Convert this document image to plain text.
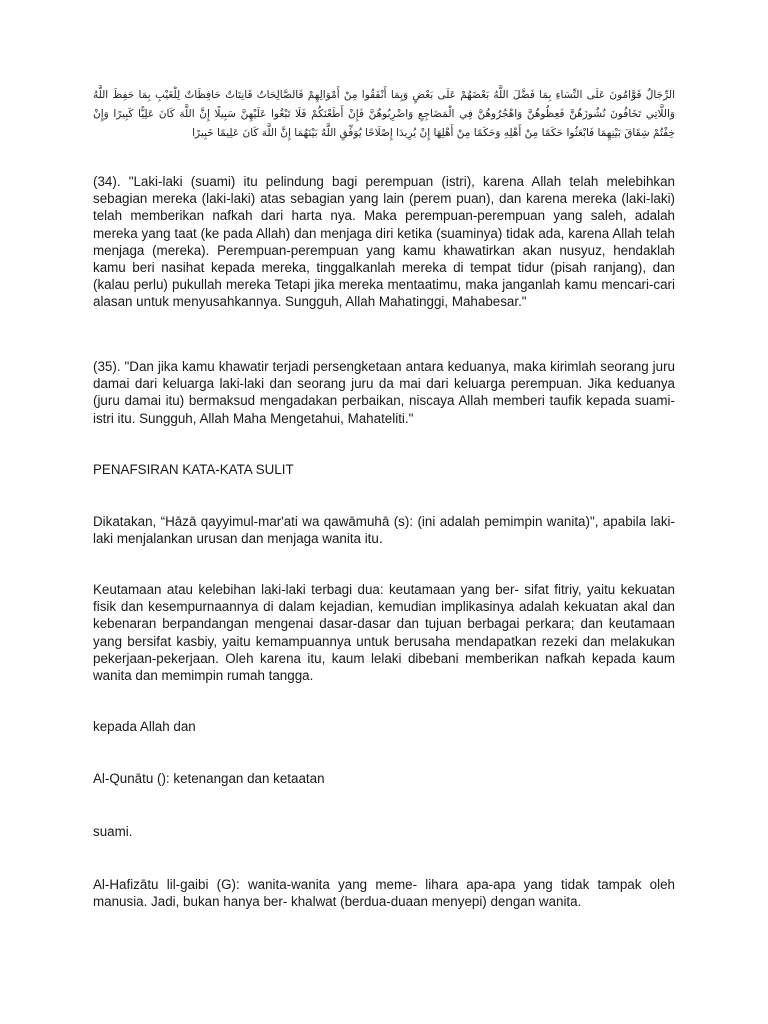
الرِّجَالُ قَوَّامُونَ عَلَى النِّسَاءِ بِمَا فَضَّلَ اللَّهُ بَعْضَهُمْ عَلَى بَعْضٍ وَبِمَا أَنْفَقُوا مِنْ أَمْوَالِهِمْ فَالصَّالِحَاتُ قَانِتَاتٌ حَافِظَاتٌ لِلْغَيْبِ بِمَا حَفِظَ اللَّهُ وَاللَّاتِي تَخَافُونَ نُشُوزَهُنَّ فَعِظُوهُنَّ وَاهْجُرُوهُنَّ فِي الْمَضَاجِعِ وَاضْرِبُوهُنَّ فَإِنْ أَطَعْنَكُمْ فَلَا تَبْغُوا عَلَيْهِنَّ سَبِيلًا إِنَّ اللَّهَ كَانَ عَلِيًّا كَبِيرًا وَإِنْ خِفْتُمْ شِقَاقَ بَيْنِهِمَا فَابْعَثُوا حَكَمًا مِنْ أَهْلِهِ وَحَكَمًا مِنْ أَهْلِهَا إِنْ يُرِيدَا إِصْلَاحًا يُوَفِّقِ اللَّهُ بَيْنَهُمَا إِنَّ اللَّهَ كَانَ عَلِيمًا خَبِيرًا

(34). "Laki-laki (suami) itu pelindung bagi perempuan (istri), karena Allah telah melebihkan sebagian mereka (laki-laki) atas sebagian yang lain (perem puan), dan karena mereka (laki-laki) telah memberikan nafkah dari harta nya. Maka perempuan-perempuan yang saleh, adalah mereka yang taat (ke pada Allah) dan menjaga diri ketika (suaminya) tidak ada, karena Allah telah menjaga (mereka). Perempuan-perempuan yang kamu khawatirkan akan nusyuz, hendaklah kamu beri nasihat kepada mereka, tinggalkanlah mereka di tempat tidur (pisah ranjang), dan (kalau perlu) pukullah mereka Tetapi jika mereka mentaatimu, maka janganlah kamu mencari-cari alasan untuk menyusahkannya. Sungguh, Allah Mahatinggi, Mahabesar."

(35). "Dan jika kamu khawatir terjadi persengketaan antara keduanya, maka kirimlah seorang juru damai dari keluarga laki-laki dan seorang juru da mai dari keluarga perempuan. Jika keduanya (juru damai itu) bermaksud mengadakan perbaikan, niscaya Allah memberi taufik kepada suami-istri itu. Sungguh, Allah Maha Mengetahui, Mahateliti."

PENAFSIRAN KATA-KATA SULIT

Dikatakan, “Hāzā qayyimul-mar'ati wa qawāmuhā (s): (ini adalah pemimpin wanita)", apabila laki-laki menjalankan urusan dan menjaga wanita itu.

Keutamaan atau kelebihan laki-laki terbagi dua: keutamaan yang ber- sifat fitriy, yaitu kekuatan fisik dan kesempurnaannya di dalam kejadian, kemudian implikasinya adalah kekuatan akal dan kebenaran berpandangan mengenai dasar-dasar dan tujuan berbagai perkara; dan keutamaan yang bersifat kasbiy, yaitu kemampuannya untuk berusaha mendapatkan rezeki dan melakukan pekerjaan-pekerjaan. Oleh karena itu, kaum lelaki dibebani memberikan nafkah kepada kaum wanita dan memimpin rumah tangga.

kepada Allah dan

Al-Qunātu (): ketenangan dan ketaatan

suami.

Al-Hafizātu lil-gaibi (G): wanita-wanita yang meme- lihara apa-apa yang tidak tampak oleh manusia. Jadi, bukan hanya ber- khalwat (berdua-duaan menyepi) dengan wanita.
